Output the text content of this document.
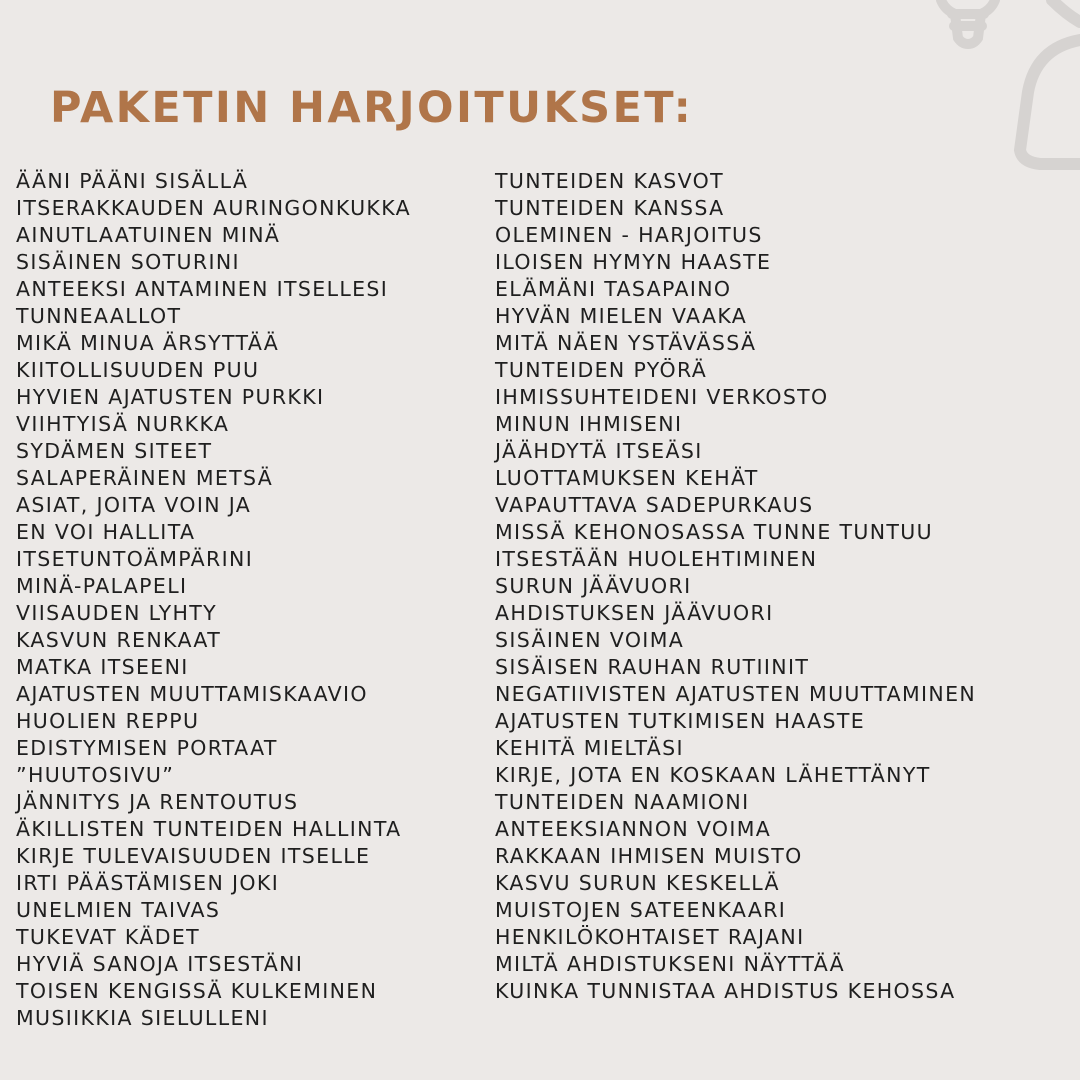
PAKETIN HARJOITUKSET:
ÄÄNI PÄÄNI SISÄLLÄ
ITSERAKKAUDEN AURINGONKUKKA
AINUTLAATUINEN MINÄ
SISÄINEN SOTURINI
ANTEEKSI ANTAMINEN ITSELLESI
TUNNEAALLOT
MIKÄ MINUA ÄRSYTTÄÄ
KIITOLLISUUDEN PUU
HYVIEN AJATUSTEN PURKKI
VIIHTYISÄ NURKKA
SYDÄMEN SITEET
SALAPERÄINEN METSÄ
ASIAT, JOITA VOIN JA
EN VOI HALLITA
ITSETUNTOÄMPÄRINI
MINÄ-PALAPELI
VIISAUDEN LYHTY
KASVUN RENKAAT
MATKA ITSEENI
AJATUSTEN MUUTTAMISKAAVIO
HUOLIEN REPPU
EDISTYMISEN PORTAAT
”HUUTOSIVU”
JÄNNITYS JA RENTOUTUS
ÄKILLISTEN TUNTEIDEN HALLINTA
KIRJE TULEVAISUUDEN ITSELLE
IRTI PÄÄSTÄMISEN JOKI
UNELMIEN TAIVAS
TUKEVAT KÄDET
HYVIÄ SANOJA ITSESTÄNI
TOISEN KENGISSÄ KULKEMINEN
MUSIIKKIA SIELULLENI
TUNTEIDEN KASVOT
TUNTEIDEN KANSSA
OLEMINEN - HARJOITUS
ILOISEN HYMYN HAASTE
ELÄMÄNI TASAPAINO
HYVÄN MIELEN VAAKA
MITÄ NÄEN YSTÄVÄSSÄ
TUNTEIDEN PYÖRÄ
IHMISSUHTEIDENI VERKOSTO
MINUN IHMISENI
JÄÄHDYTÄ ITSEÄSI
LUOTTAMUKSEN KEHÄT
VAPAUTTAVA SADEPURKAUS
MISSÄ KEHONOSASSA TUNNE TUNTUU
ITSESTÄÄN HUOLEHTIMINEN
SURUN JÄÄVUORI
AHDISTUKSEN JÄÄVUORI
SISÄINEN VOIMA
SISÄISEN RAUHAN RUTIINIT
NEGATIIVISTEN AJATUSTEN MUUTTAMINEN
AJATUSTEN TUTKIMISEN HAASTE
KEHITÄ MIELTÄSI
KIRJE, JOTA EN KOSKAAN LÄHETTÄNYT
TUNTEIDEN NAAMIONI
ANTEEKSIANNON VOIMA
RAKKAAN IHMISEN MUISTO
KASVU SURUN KESKELLÄ
MUISTOJEN SATEENKAARI
HENKILÖKOHTAISET RAJANI
MILTÄ AHDISTUKSENI NÄYTTÄÄ
KUINKA TUNNISTAA AHDISTUS KEHOSSA
